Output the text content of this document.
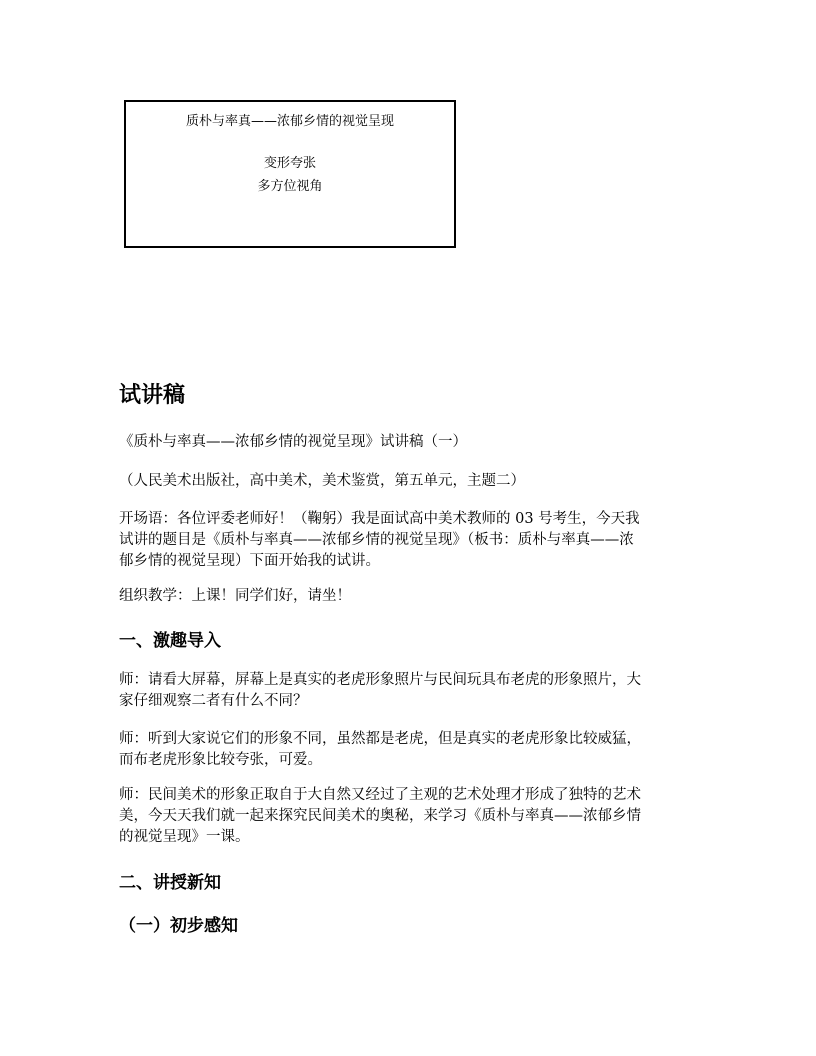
质朴与率真——浓郁乡情的视觉呈现
变形夸张
多方位视角
试讲稿
《质朴与率真——浓郁乡情的视觉呈现》试讲稿（一）
（人民美术出版社，高中美术，美术鉴赏，第五单元，主题二）
开场语：各位评委老师好！（鞠躬）我是面试高中美术教师的 03 号考生，今天我
试讲的题目是《质朴与率真——浓郁乡情的视觉呈现》（板书：质朴与率真——浓
郁乡情的视觉呈现）下面开始我的试讲。
组织教学：上课！同学们好，请坐！
一、激趣导入
师：请看大屏幕，屏幕上是真实的老虎形象照片与民间玩具布老虎的形象照片，大
家仔细观察二者有什么不同？
师：听到大家说它们的形象不同，虽然都是老虎，但是真实的老虎形象比较威猛，
而布老虎形象比较夸张，可爱。
师：民间美术的形象正取自于大自然又经过了主观的艺术处理才形成了独特的艺术
美，今天天我们就一起来探究民间美术的奥秘，来学习《质朴与率真——浓郁乡情
的视觉呈现》一课。
二、讲授新知
（一）初步感知
